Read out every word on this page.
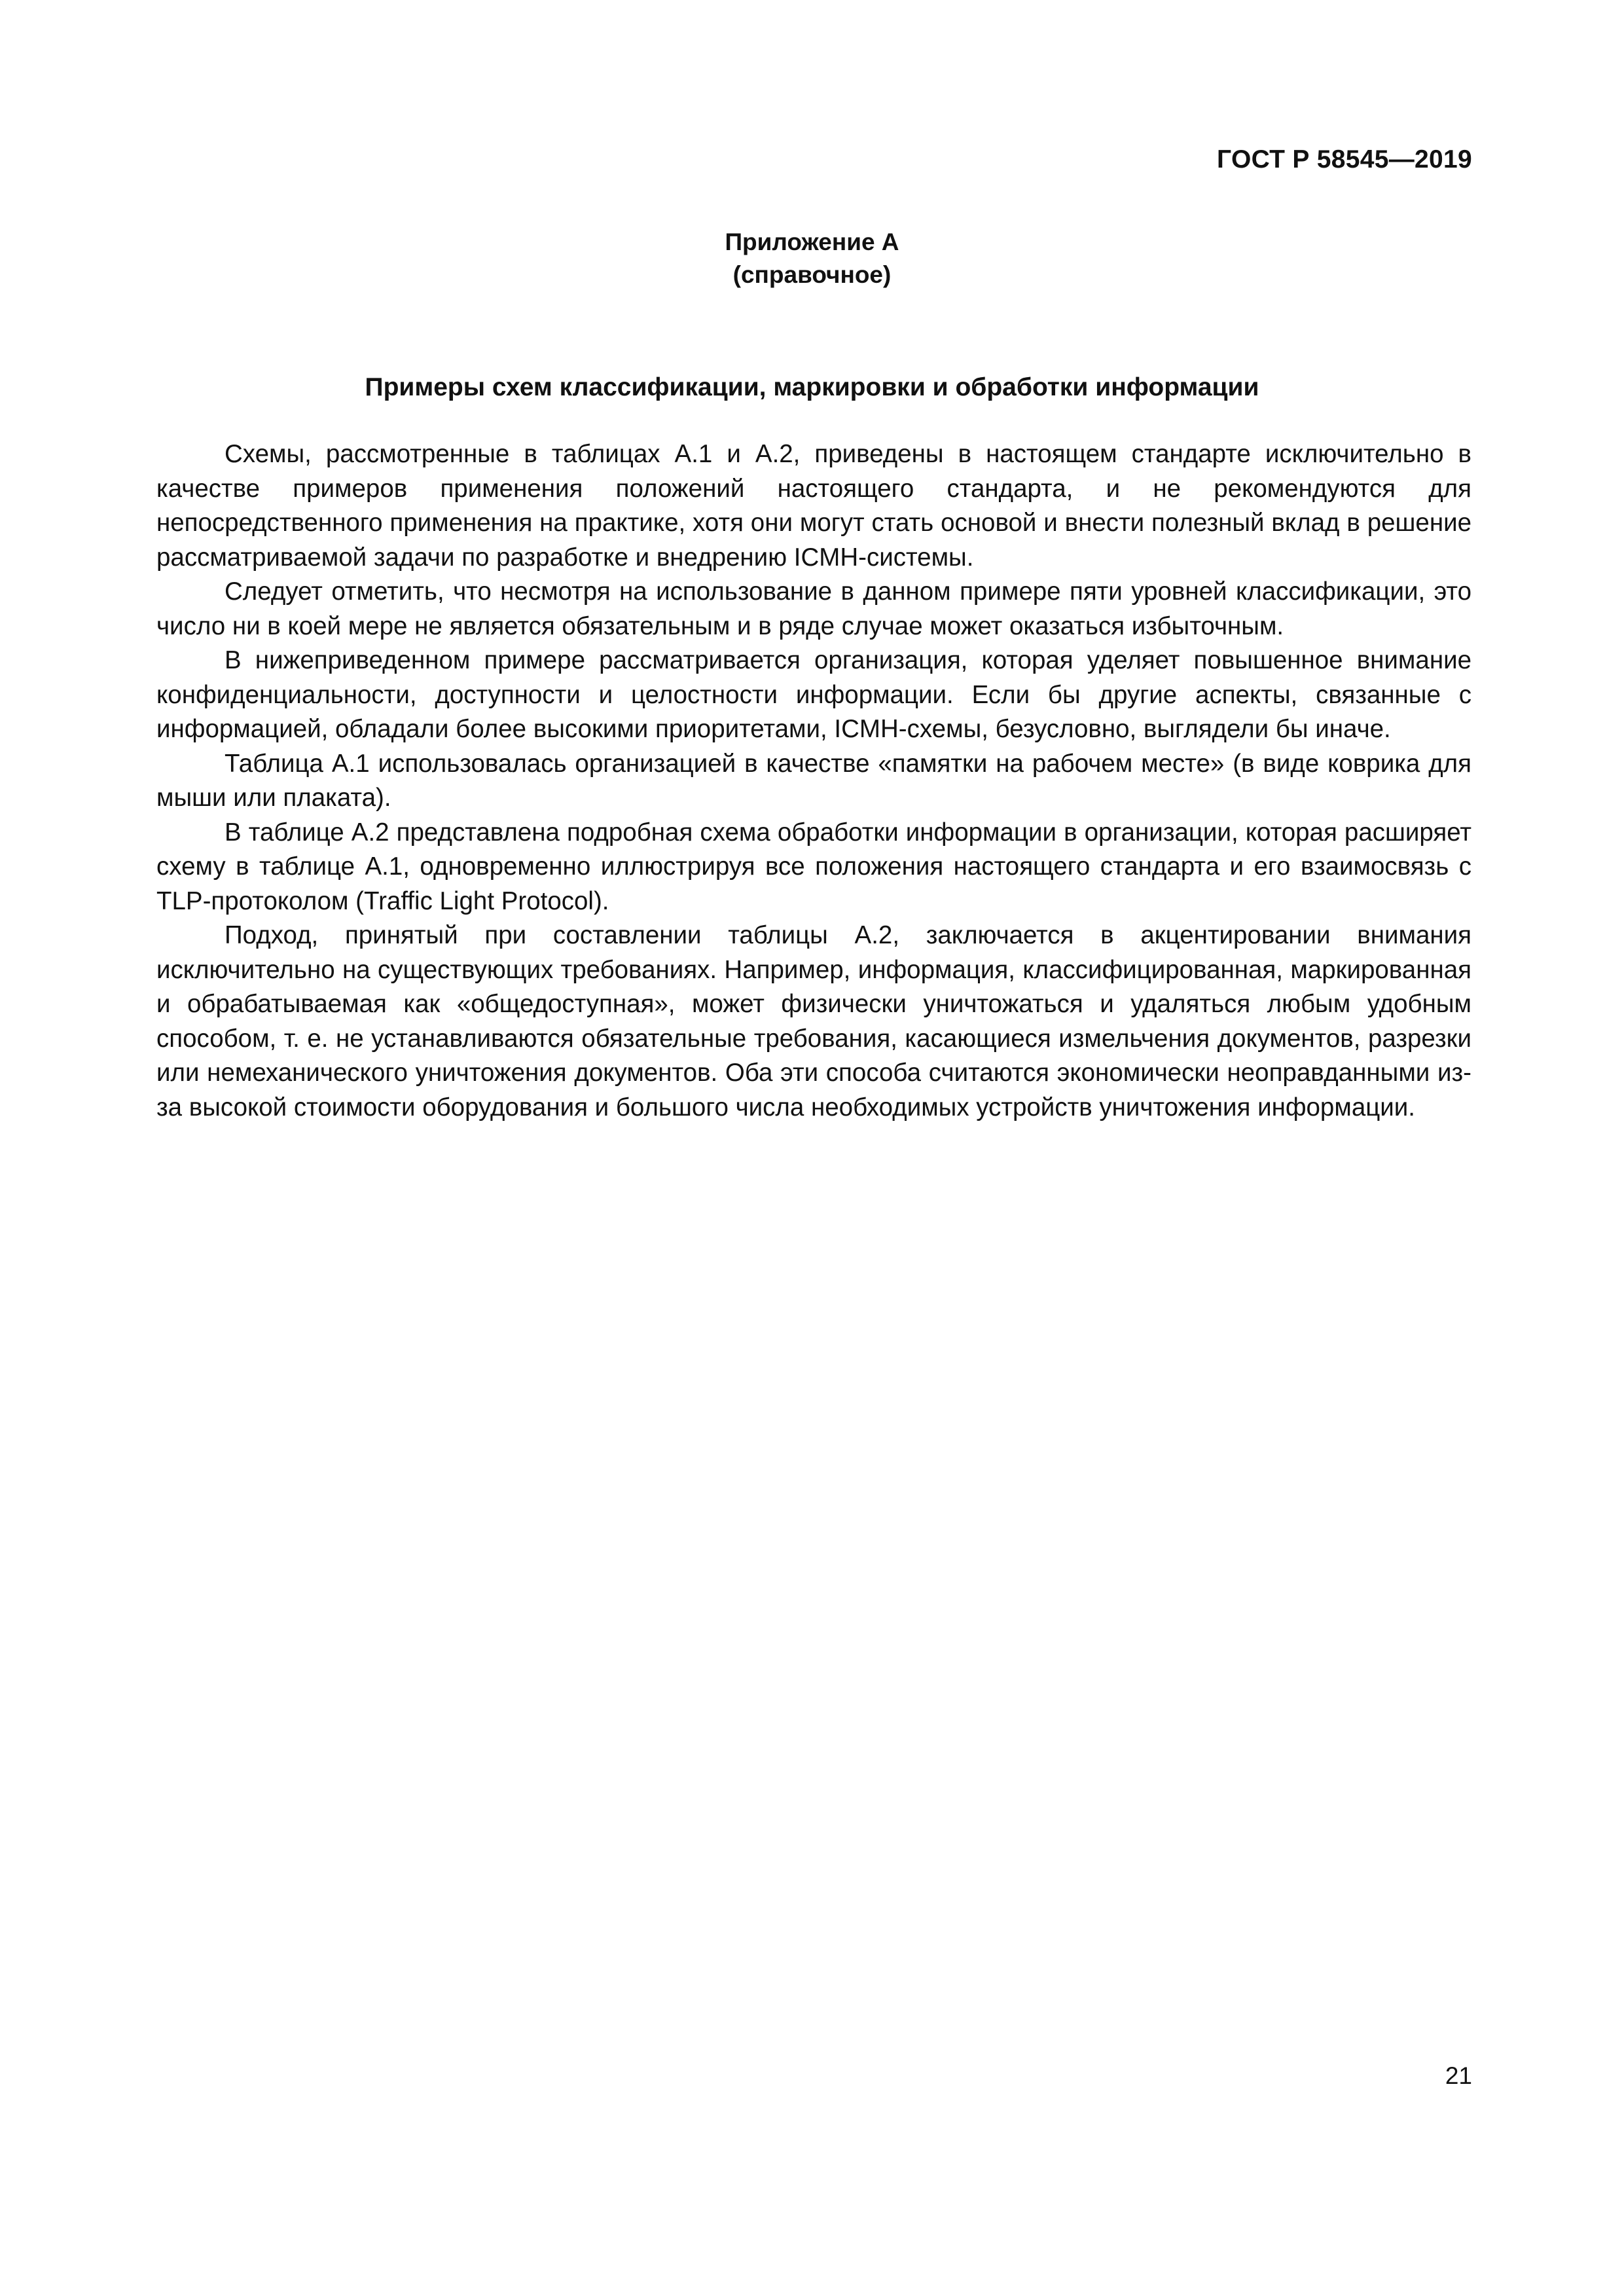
ГОСТ Р 58545—2019
Приложение А
(справочное)
Примеры схем классификации, маркировки и обработки информации

Схемы, рассмотренные в таблицах А.1 и А.2, приведены в настоящем стандарте исключительно в качестве примеров применения положений настоящего стандарта, и не рекомендуются для непосредственного применения на практике, хотя они могут стать основой и внести полезный вклад в решение рассматриваемой задачи по разработке и внедрению ICMH-системы.

Следует отметить, что несмотря на использование в данном примере пяти уровней классификации, это число ни в коей мере не является обязательным и в ряде случае может оказаться избыточным.

В нижеприведенном примере рассматривается организация, которая уделяет повышенное внимание конфиденциальности, доступности и целостности информации. Если бы другие аспекты, связанные с информацией, обладали более высокими приоритетами, ICMH-схемы, безусловно, выглядели бы иначе.

Таблица А.1 использовалась организацией в качестве «памятки на рабочем месте» (в виде коврика для мыши или плаката).

В таблице А.2 представлена подробная схема обработки информации в организации, которая расширяет схему в таблице А.1, одновременно иллюстрируя все положения настоящего стандарта и его взаимосвязь с TLP-протоколом (Traffic Light Protocol).

Подход, принятый при составлении таблицы А.2, заключается в акцентировании внимания исключительно на существующих требованиях. Например, информация, классифицированная, маркированная и обрабатываемая как «общедоступная», может физически уничтожаться и удаляться любым удобным способом, т. е. не устанавливаются обязательные требования, касающиеся измельчения документов, разрезки или немеханического уничтожения документов. Оба эти способа считаются экономически неоправданными из-за высокой стоимости оборудования и большого числа необходимых устройств уничтожения информации.

21
